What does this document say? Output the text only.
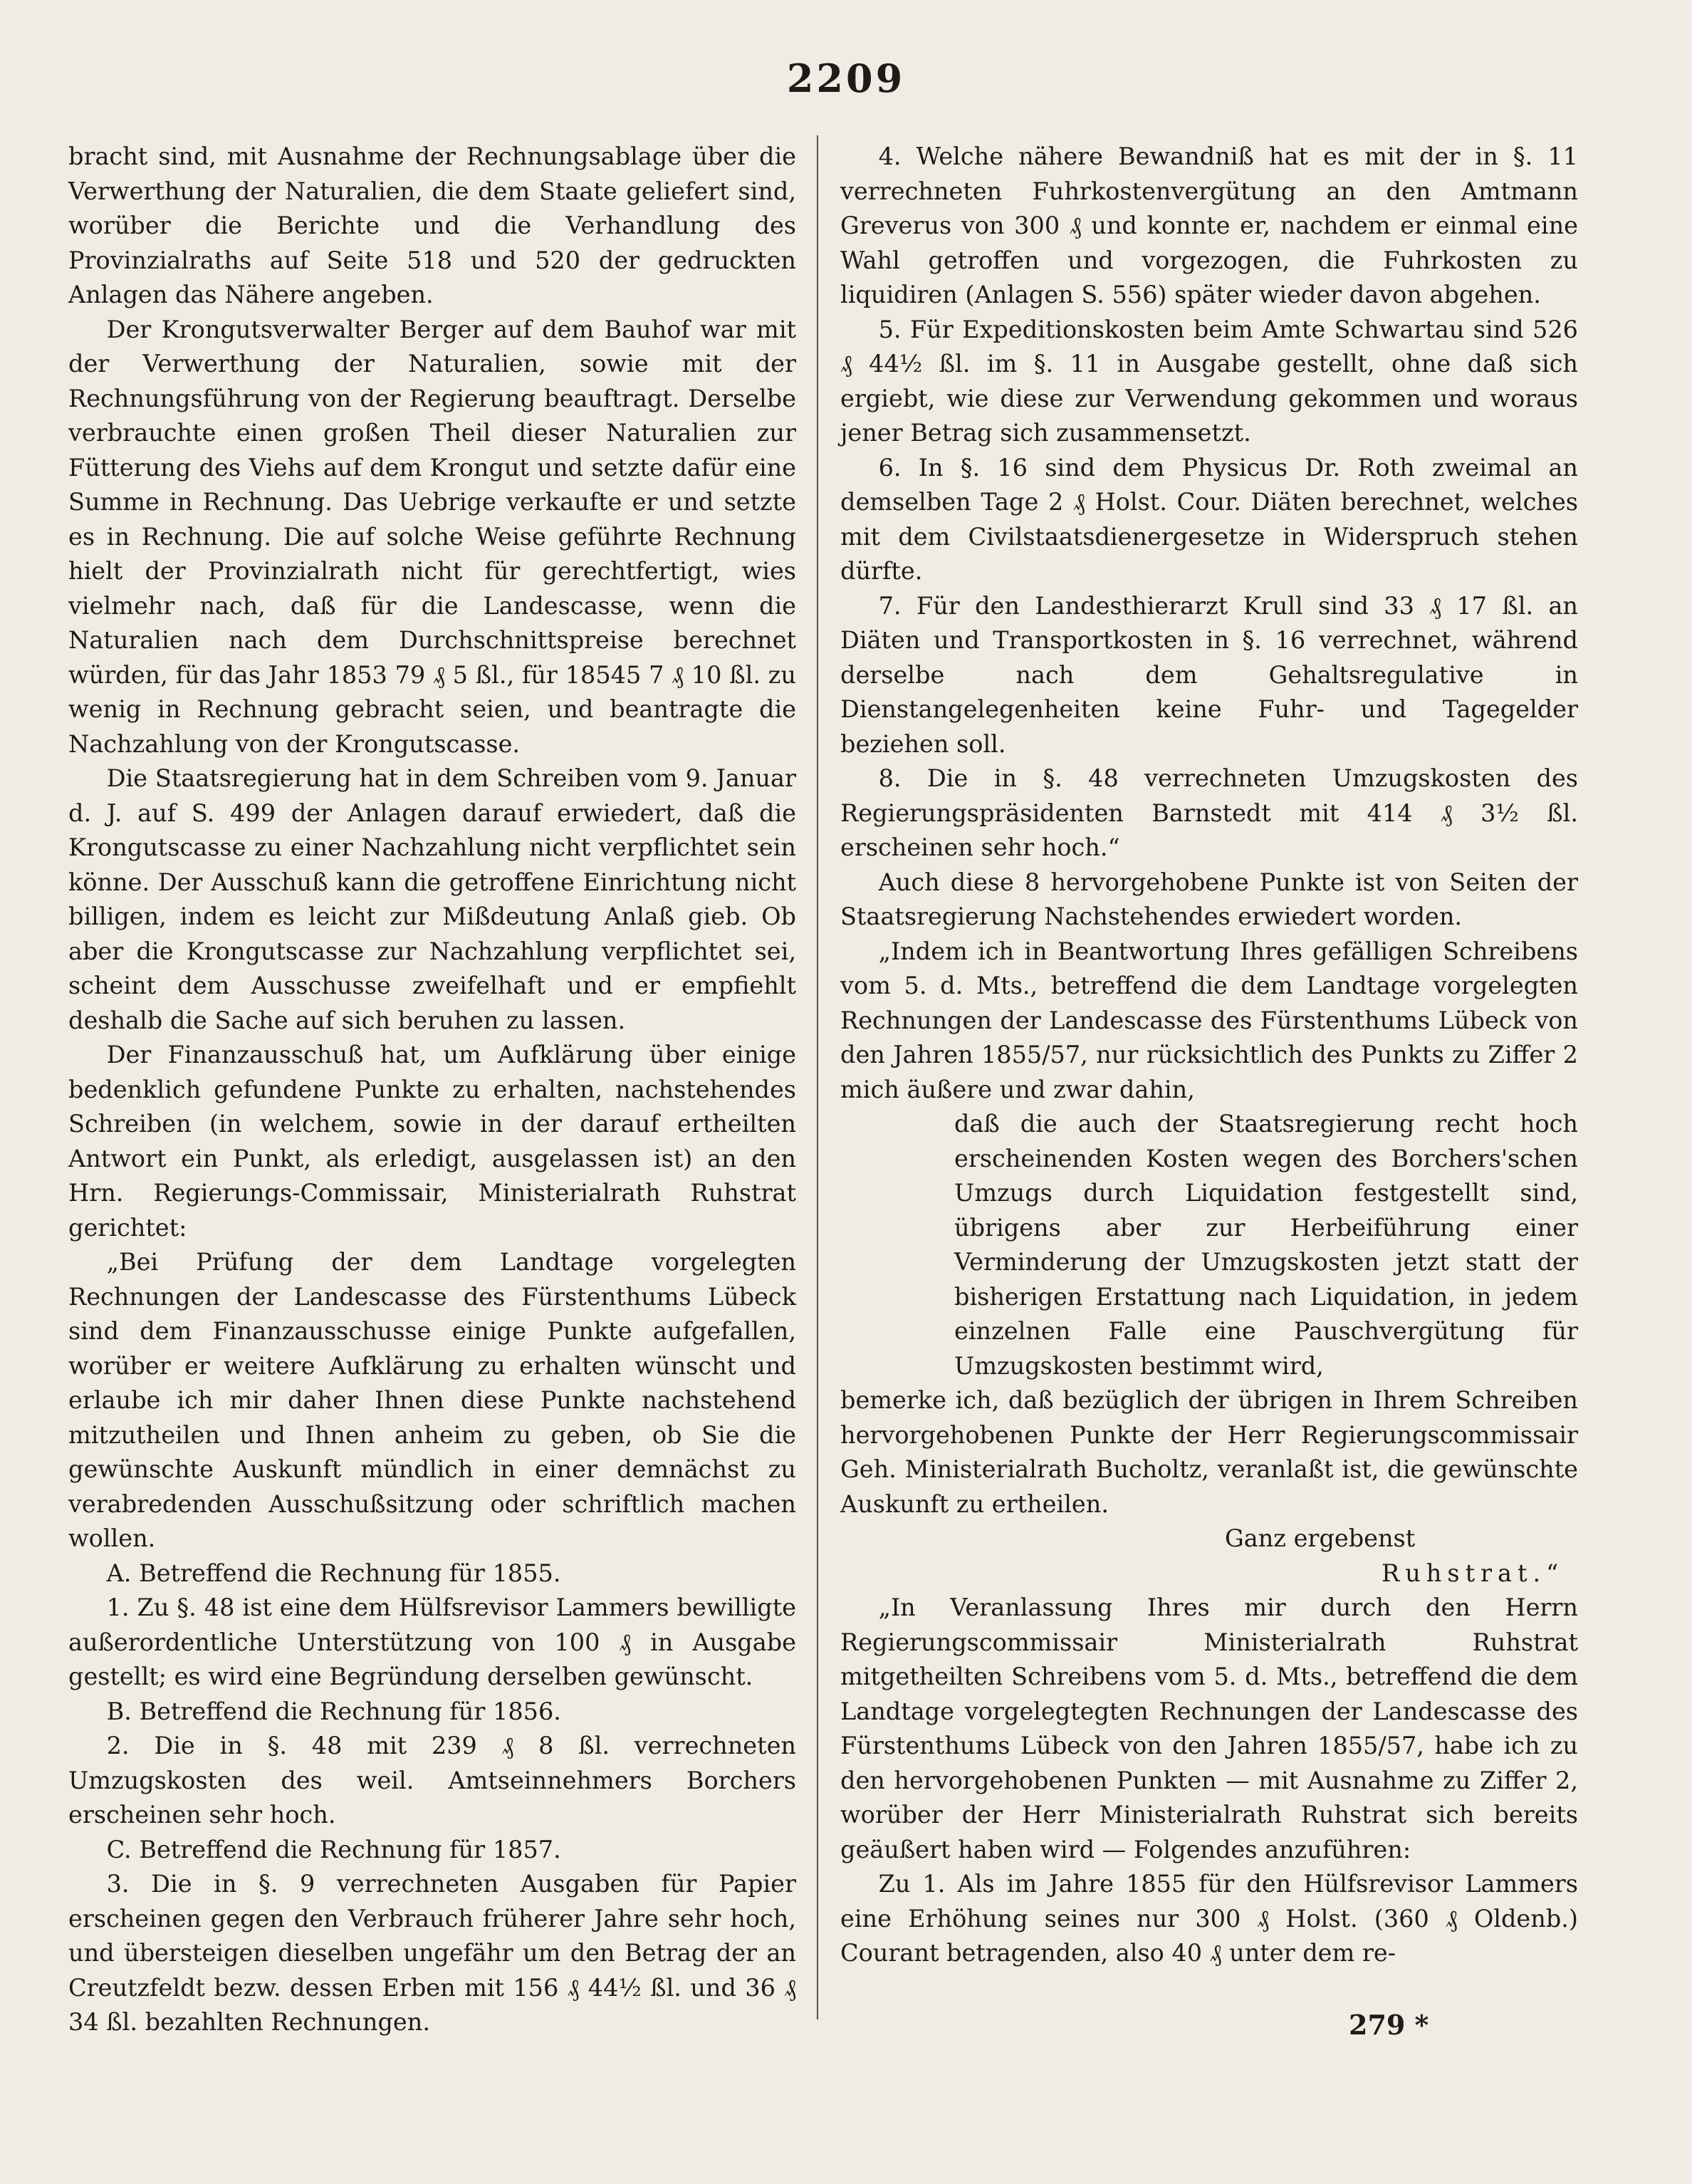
2209

bracht sind, mit Ausnahme der Rechnungsablage über die Verwerthung der Naturalien, die dem Staate geliefert sind, worüber die Berichte und die Verhandlung des Provinzialraths auf Seite 518 und 520 der gedruckten Anlagen das Nähere angeben.

Der Krongutsverwalter Berger auf dem Bauhof war mit der Verwerthung der Naturalien, sowie mit der Rechnungsführung von der Regierung beauftragt. Derselbe verbrauchte einen großen Theil dieser Naturalien zur Fütterung des Viehs auf dem Krongut und setzte dafür eine Summe in Rechnung. Das Uebrige verkaufte er und setzte es in Rechnung. Die auf solche Weise geführte Rechnung hielt der Provinzialrath nicht für gerechtfertigt, wies vielmehr nach, daß für die Landescasse, wenn die Naturalien nach dem Durchschnittspreise berechnet würden, für das Jahr 1853 79 ₰ 5 ßl., für 18545 7 ₰ 10 ßl. zu wenig in Rechnung gebracht seien, und beantragte die Nachzahlung von der Krongutscasse.

Die Staatsregierung hat in dem Schreiben vom 9. Januar d. J. auf S. 499 der Anlagen darauf erwiedert, daß die Krongutscasse zu einer Nachzahlung nicht verpflichtet sein könne. Der Ausschuß kann die getroffene Einrichtung nicht billigen, indem es leicht zur Mißdeutung Anlaß gieb. Ob aber die Krongutscasse zur Nachzahlung verpflichtet sei, scheint dem Ausschusse zweifelhaft und er empfiehlt deshalb die Sache auf sich beruhen zu lassen.

Der Finanzausschuß hat, um Aufklärung über einige bedenklich gefundene Punkte zu erhalten, nachstehendes Schreiben (in welchem, sowie in der darauf ertheilten Antwort ein Punkt, als erledigt, ausgelassen ist) an den Hrn. Regierungs-Commissair, Ministerialrath Ruhstrat gerichtet:

„Bei Prüfung der dem Landtage vorgelegten Rechnungen der Landescasse des Fürstenthums Lübeck sind dem Finanzausschusse einige Punkte aufgefallen, worüber er weitere Aufklärung zu erhalten wünscht und erlaube ich mir daher Ihnen diese Punkte nachstehend mitzutheilen und Ihnen anheim zu geben, ob Sie die gewünschte Auskunft mündlich in einer demnächst zu verabredenden Ausschußsitzung oder schriftlich machen wollen.

A. Betreffend die Rechnung für 1855.

1. Zu §. 48 ist eine dem Hülfsrevisor Lammers bewilligte außerordentliche Unterstützung von 100 ₰ in Ausgabe gestellt; es wird eine Begründung derselben gewünscht.

B. Betreffend die Rechnung für 1856.

2. Die in §. 48 mit 239 ₰ 8 ßl. verrechneten Umzugskosten des weil. Amtseinnehmers Borchers erscheinen sehr hoch.

C. Betreffend die Rechnung für 1857.

3. Die in §. 9 verrechneten Ausgaben für Papier erscheinen gegen den Verbrauch früherer Jahre sehr hoch, und übersteigen dieselben ungefähr um den Betrag der an Creutzfeldt bezw. dessen Erben mit 156 ₰ 44½ ßl. und 36 ₰ 34 ßl. bezahlten Rechnungen.

4. Welche nähere Bewandniß hat es mit der in §. 11 verrechneten Fuhrkostenvergütung an den Amtmann Greverus von 300 ₰ und konnte er, nachdem er einmal eine Wahl getroffen und vorgezogen, die Fuhrkosten zu liquidiren (Anlagen S. 556) später wieder davon abgehen.

5. Für Expeditionskosten beim Amte Schwartau sind 526 ₰ 44½ ßl. im §. 11 in Ausgabe gestellt, ohne daß sich ergiebt, wie diese zur Verwendung gekommen und woraus jener Betrag sich zusammensetzt.

6. In §. 16 sind dem Physicus Dr. Roth zweimal an demselben Tage 2 ₰ Holst. Cour. Diäten berechnet, welches mit dem Civilstaatsdienergesetze in Widerspruch stehen dürfte.

7. Für den Landesthierarzt Krull sind 33 ₰ 17 ßl. an Diäten und Transportkosten in §. 16 verrechnet, während derselbe nach dem Gehaltsregulative in Dienstangelegenheiten keine Fuhr- und Tagegelder beziehen soll.

8. Die in §. 48 verrechneten Umzugskosten des Regierungspräsidenten Barnstedt mit 414 ₰ 3½ ßl. erscheinen sehr hoch.“

Auch diese 8 hervorgehobene Punkte ist von Seiten der Staatsregierung Nachstehendes erwiedert worden.

„Indem ich in Beantwortung Ihres gefälligen Schreibens vom 5. d. Mts., betreffend die dem Landtage vorgelegten Rechnungen der Landescasse des Fürstenthums Lübeck von den Jahren 1855/57, nur rücksichtlich des Punkts zu Ziffer 2 mich äußere und zwar dahin,

daß die auch der Staatsregierung recht hoch erscheinenden Kosten wegen des Borchers'schen Umzugs durch Liquidation festgestellt sind, übrigens aber zur Herbeiführung einer Verminderung der Umzugskosten jetzt statt der bisherigen Erstattung nach Liquidation, in jedem einzelnen Falle eine Pauschvergütung für Umzugskosten bestimmt wird,

bemerke ich, daß bezüglich der übrigen in Ihrem Schreiben hervorgehobenen Punkte der Herr Regierungscommissair Geh. Ministerialrath Bucholtz, veranlaßt ist, die gewünschte Auskunft zu ertheilen.

Ganz ergebenst

Ruhstrat.“

„In Veranlassung Ihres mir durch den Herrn Regierungscommissair Ministerialrath Ruhstrat mitgetheilten Schreibens vom 5. d. Mts., betreffend die dem Landtage vorgelegtegten Rechnungen der Landescasse des Fürstenthums Lübeck von den Jahren 1855/57, habe ich zu den hervorgehobenen Punkten — mit Ausnahme zu Ziffer 2, worüber der Herr Ministerialrath Ruhstrat sich bereits geäußert haben wird — Folgendes anzuführen:

Zu 1. Als im Jahre 1855 für den Hülfsrevisor Lammers eine Erhöhung seines nur 300 ₰ Holst. (360 ₰ Oldenb.) Courant betragenden, also 40 ₰ unter dem re-

279 *
